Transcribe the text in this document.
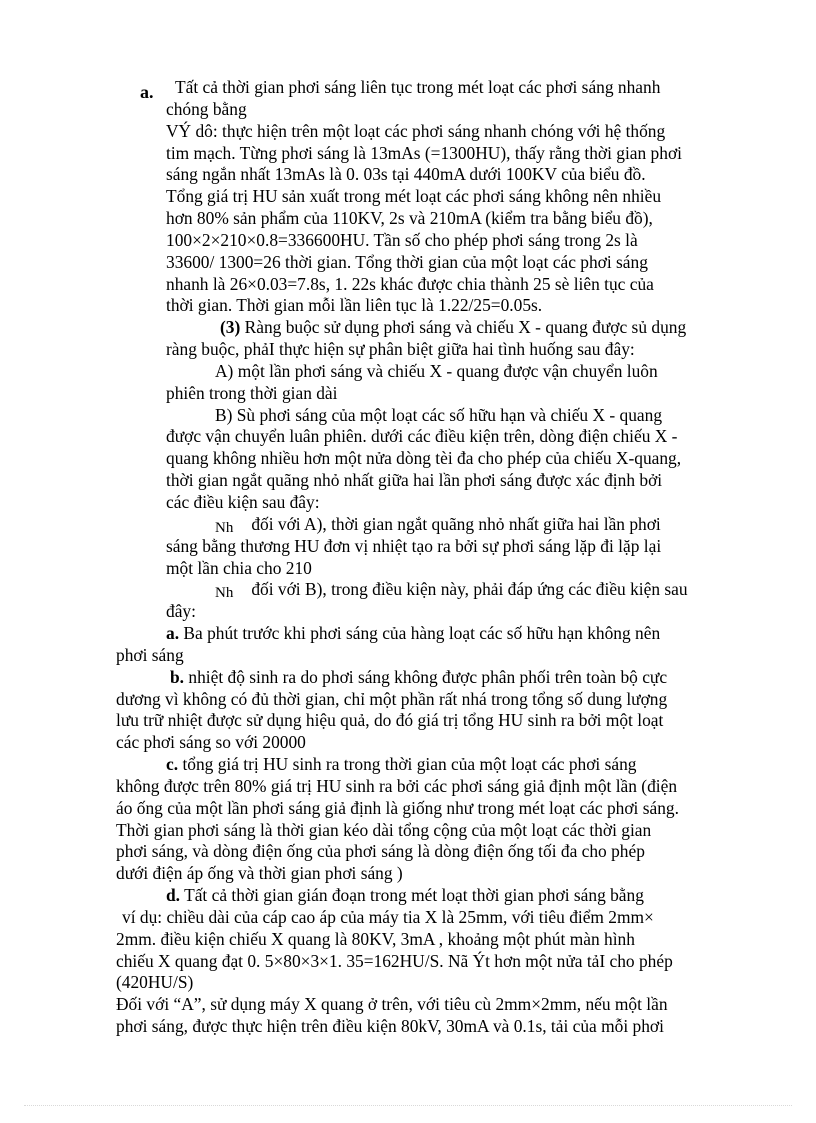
a. Tất cả thời gian phơi sáng liên tục trong mét loạt các phơi sáng nhanh
chóng bằng
VÝ dô: thực hiện trên một loạt các phơi sáng nhanh chóng với hệ thống
tim mạch. Từng phơi sáng là 13mAs (=1300HU), thấy rằng thời gian phơi
sáng ngắn nhất 13mAs là 0. 03s tại 440mA dưới 100KV của biểu đồ.
Tổng giá trị HU sản xuất trong mét loạt các phơi sáng không nên nhiều
hơn 80% sản phẩm của 110KV, 2s và 210mA (kiểm tra bằng biểu đồ),
100×2×210×0.8=336600HU. Tần số cho phép phơi sáng trong 2s là
33600/ 1300=26 thời gian. Tổng thời gian của một loạt các phơi sáng
nhanh là 26×0.03=7.8s, 1. 22s khác được chia thành 25 sè liên tục của
thời gian. Thời gian mỗi lần liên tục là 1.22/25=0.05s.
(3) Ràng buộc sử dụng phơi sáng và chiếu X - quang được sủ dụng
ràng buộc, phảI thực hiện sự phân biệt giữa hai tình huống sau đây:
A) một lần phơi sáng và chiếu X - quang được vận chuyển luôn
phiên trong thời gian dài
B) Sù phơi sáng của một loạt các số hữu hạn và chiếu X - quang
được vận chuyển luân phiên. dưới các điều kiện trên, dòng điện chiếu X -
quang không nhiều hơn một nửa dòng tèi đa cho phép của chiếu X-quang,
thời gian ngắt quãng nhỏ nhất giữa hai lần phơi sáng được xác định bởi
các điều kiện sau đây:
Nh đối với A), thời gian ngắt quãng nhỏ nhất giữa hai lần phơi
sáng bằng thương HU đơn vị nhiệt tạo ra bởi sự phơi sáng lặp đi lặp lại
một lần chia cho 210
Nh đối với B), trong điều kiện này, phải đáp ứng các điều kiện sau
đây:
a. Ba phút trước khi phơi sáng của hàng loạt các số hữu hạn không nên
phơi sáng
b. nhiệt độ sinh ra do phơi sáng không được phân phối trên toàn bộ cực
dương vì không có đủ thời gian, chỉ một phần rất nhá trong tổng số dung lượng
lưu trữ nhiệt được sử dụng hiệu quả, do đó giá trị tổng HU sinh ra bởi một loạt
các phơi sáng so với 20000
c. tổng giá trị HU sinh ra trong thời gian của một loạt các phơi sáng
không được trên 80% giá trị HU sinh ra bởi các phơi sáng giả định một lần (điện
áo ống của một lần phơi sáng giả định là giống như trong mét loạt các phơi sáng.
Thời gian phơi sáng là thời gian kéo dài tổng cộng của một loạt các thời gian
phơi sáng, và dòng điện ống của phơi sáng là dòng điện ống tối đa cho phép
dưới điện áp ống và thời gian phơi sáng )
d. Tất cả thời gian gián đoạn trong mét loạt thời gian phơi sáng bằng
ví dụ: chiều dài của cáp cao áp của máy tia X là 25mm, với tiêu điểm 2mm×
2mm. điều kiện chiếu X quang là 80KV, 3mA , khoảng một phút màn hình
chiếu X quang đạt 0. 5×80×3×1. 35=162HU/S. Nã Ýt hơn một nửa tảI cho phép
(420HU/S)
Đối với “A”, sử dụng máy X quang ở trên, với tiêu cù 2mm×2mm, nếu một lần
phơi sáng, được thực hiện trên điều kiện 80kV, 30mA và 0.1s, tải của mỗi phơi
